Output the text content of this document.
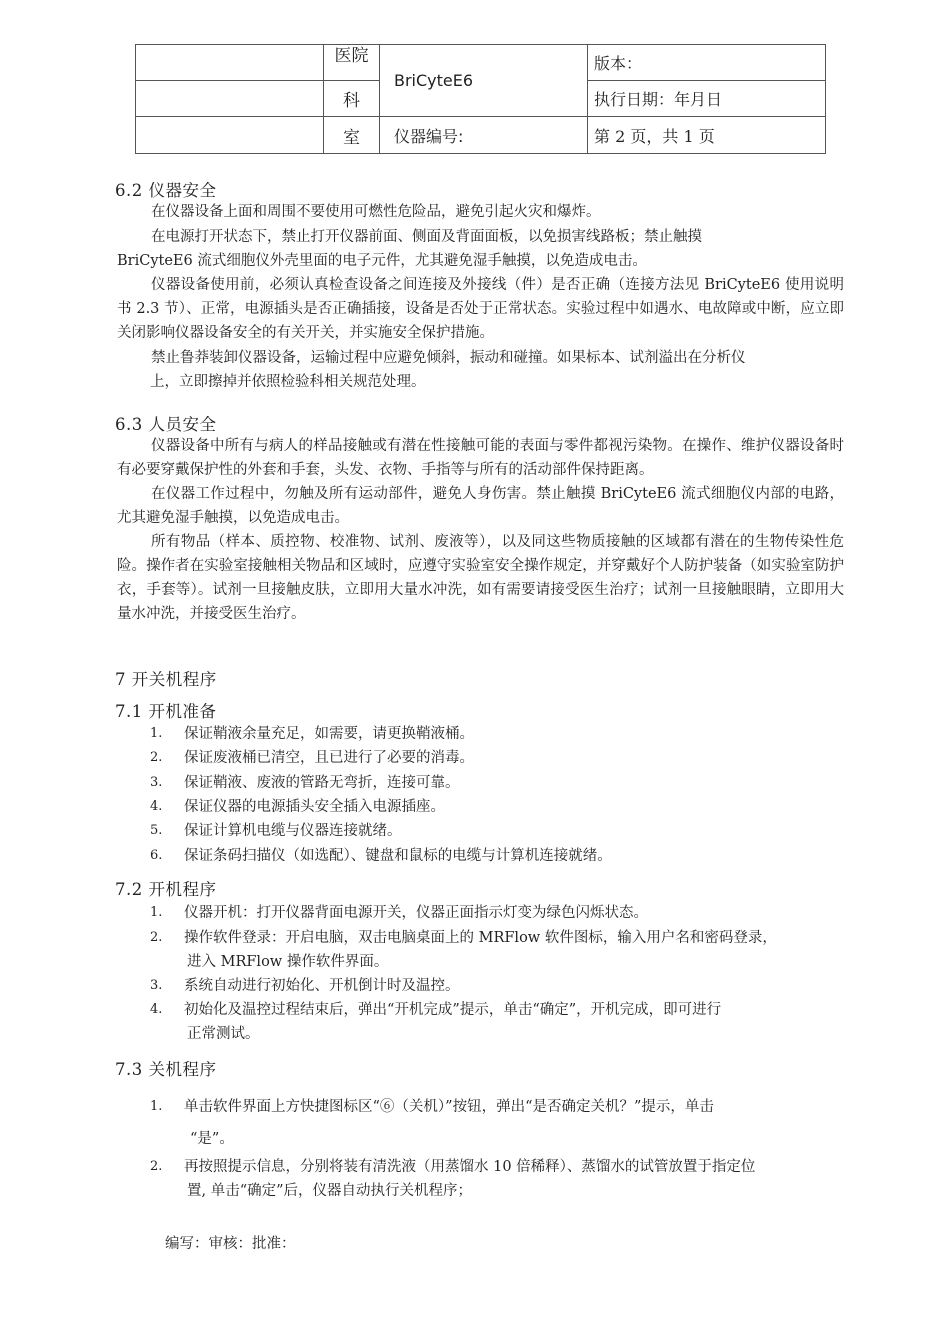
	医院	BriCyteE6	版本：
	科		执行日期：年月日
	室	仪器编号:	第 2 页，共 1 页
6.2 仪器安全
在仪器设备上面和周围不要使用可燃性危险品，避免引起火灾和爆炸。
在电源打开状态下，禁止打开仪器前面、侧面及背面面板，以免损害线路板；禁止触摸
BriCyteE6 流式细胞仪外壳里面的电子元件，尤其避免湿手触摸，以免造成电击。
仪器设备使用前，必须认真检查设备之间连接及外接线（件）是否正确（连接方法见 BriCyteE6 使用说明书 2.3 节）、正常，电源插头是否正确插接，设备是否处于正常状态。实验过程中如遇水、电故障或中断，应立即关闭影响仪器设备安全的有关开关，并实施安全保护措施。
禁止鲁莽装卸仪器设备，运输过程中应避免倾斜，振动和碰撞。如果标本、试剂溢出在分析仪
上，立即擦掉并依照检验科相关规范处理。
6.3 人员安全
仪器设备中所有与病人的样品接触或有潜在性接触可能的表面与零件都视污染物。在操作、维护仪器设备时有必要穿戴保护性的外套和手套，头发、衣物、手指等与所有的活动部件保持距离。
在仪器工作过程中，勿触及所有运动部件，避免人身伤害。禁止触摸 BriCyteE6 流式细胞仪内部的电路，尤其避免湿手触摸，以免造成电击。
所有物品（样本、质控物、校准物、试剂、废液等），以及同这些物质接触的区域都有潜在的生物传染性危险。操作者在实验室接触相关物品和区域时，应遵守实验室安全操作规定，并穿戴好个人防护装备（如实验室防护衣，手套等）。试剂一旦接触皮肤，立即用大量水冲洗，如有需要请接受医生治疗；试剂一旦接触眼睛，立即用大量水冲洗，并接受医生治疗。
7 开关机程序
7.1 开机准备
1. 保证鞘液余量充足，如需要，请更换鞘液桶。
2. 保证废液桶已清空，且已进行了必要的消毒。
3. 保证鞘液、废液的管路无弯折，连接可靠。
4. 保证仪器的电源插头安全插入电源插座。
5. 保证计算机电缆与仪器连接就绪。
6. 保证条码扫描仪（如选配）、键盘和鼠标的电缆与计算机连接就绪。
7.2 开机程序
1. 仪器开机：打开仪器背面电源开关，仪器正面指示灯变为绿色闪烁状态。
2. 操作软件登录：开启电脑，双击电脑桌面上的 MRFlow 软件图标，输入用户名和密码登录，
进入 MRFlow 操作软件界面。
3. 系统自动进行初始化、开机倒计时及温控。
4. 初始化及温控过程结束后，弹出“开机完成”提示，单击“确定”，开机完成，即可进行
正常测试。
7.3 关机程序
1. 单击软件界面上方快捷图标区“⑥（关机）”按钮，弹出“是否确定关机？”提示，单击
“是”。
2. 再按照提示信息，分别将装有清洗液（用蒸馏水 10 倍稀释）、蒸馏水的试管放置于指定位
置, 单击“确定”后，仪器自动执行关机程序；
编写：审核：批准：
